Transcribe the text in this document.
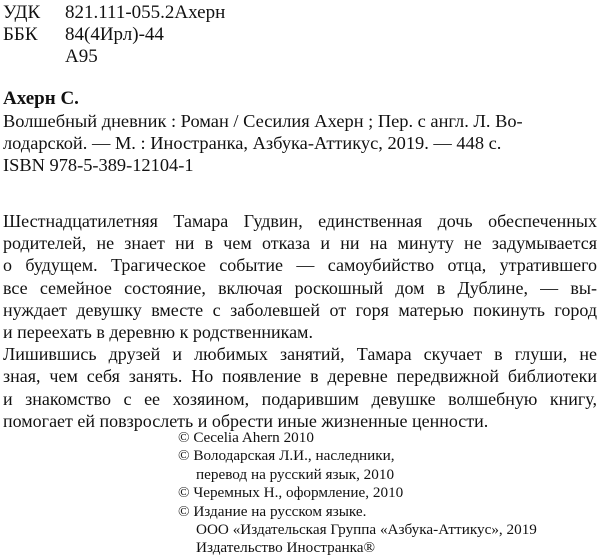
УДК 821.111-055.2Ахерн
ББК 84(4Ирл)-44
А95
Ахерн С.
Волшебный дневник : Роман / Сесилия Ахерн ; Пер. с англ. Л. Во-
лодарской. — М. : Иностранка, Азбука-Аттикус, 2019. — 448 с.
ISBN 978-5-389-12104-1
Шестнадцатилетняя Тамара Гудвин, единственная дочь обеспеченных
родителей, не знает ни в чем отказа и ни на минуту не задумывается
о будущем. Трагическое событие — самоубийство отца, утратившего
все семейное состояние, включая роскошный дом в Дублине, — вы-
нуждает девушку вместе с заболевшей от горя матерью покинуть город
и переехать в деревню к родственникам.
Лишившись друзей и любимых занятий, Тамара скучает в глуши, не
зная, чем себя занять. Но появление в деревне передвижной библиотеки
и знакомство с ее хозяином, подарившим девушке волшебную книгу,
помогает ей повзрослеть и обрести иные жизненные ценности.
© Cecelia Ahern 2010
© Володарская Л.И., наследники,
перевод на русский язык, 2010
© Черемных Н., оформление, 2010
© Издание на русском языке.
ООО «Издательская Группа «Азбука-Аттикус», 2019
Издательство Иностранка®
